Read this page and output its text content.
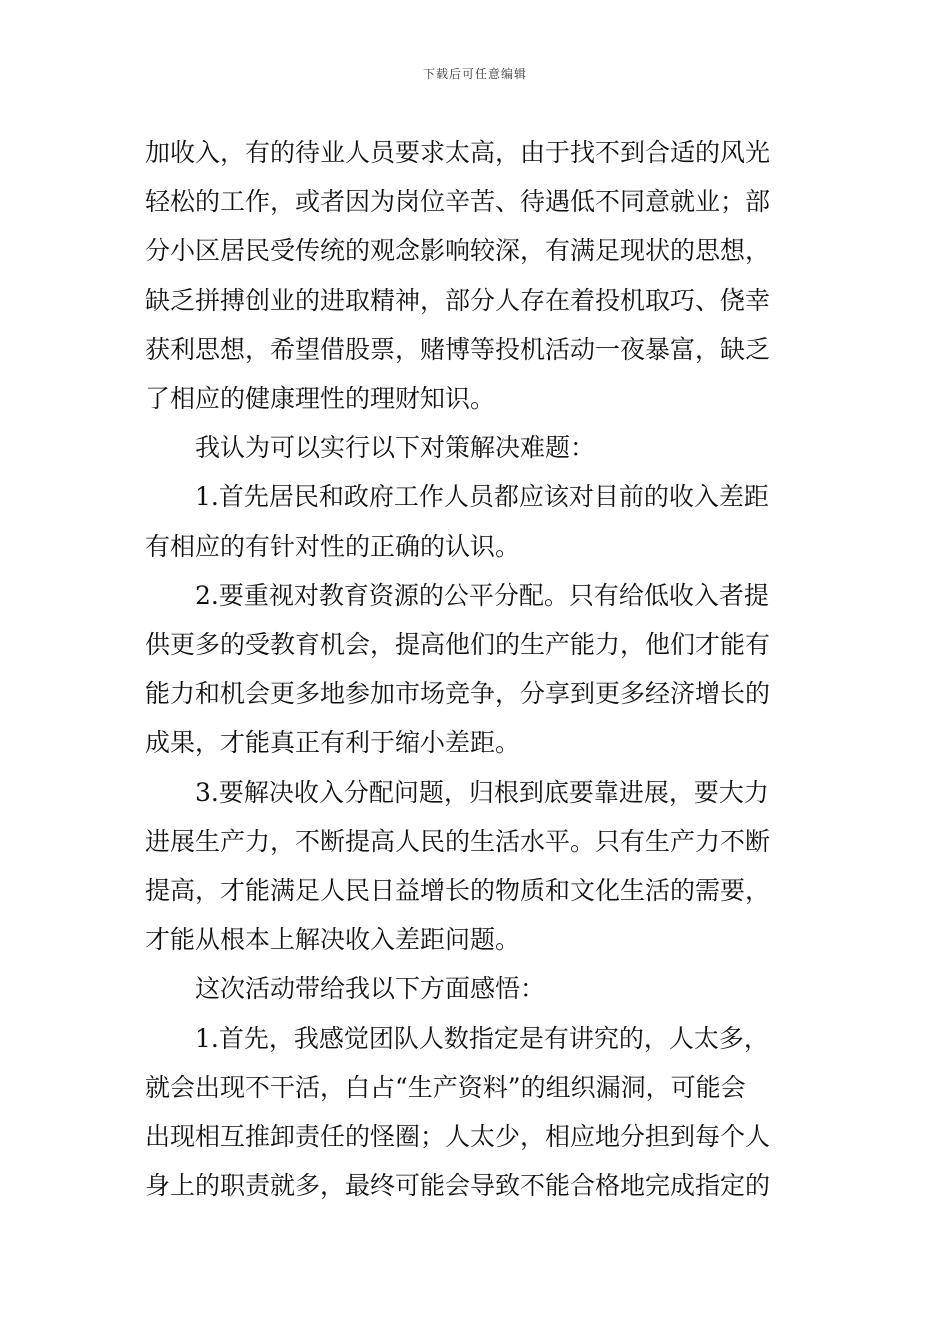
下载后可任意编辑
加收入，有的待业人员要求太高，由于找不到合适的风光
轻松的工作，或者因为岗位辛苦、待遇低不同意就业；部
分小区居民受传统的观念影响较深，有满足现状的思想，
缺乏拼搏创业的进取精神，部分人存在着投机取巧、侥幸
获利思想，希望借股票，赌博等投机活动一夜暴富，缺乏
了相应的健康理性的理财知识。
我认为可以实行以下对策解决难题：
1.首先居民和政府工作人员都应该对目前的收入差距
有相应的有针对性的正确的认识。
2.要重视对教育资源的公平分配。只有给低收入者提
供更多的受教育机会，提高他们的生产能力，他们才能有
能力和机会更多地参加市场竞争，分享到更多经济增长的
成果，才能真正有利于缩小差距。
3.要解决收入分配问题，归根到底要靠进展，要大力
进展生产力，不断提高人民的生活水平。只有生产力不断
提高，才能满足人民日益增长的物质和文化生活的需要，
才能从根本上解决收入差距问题。
这次活动带给我以下方面感悟：
1.首先，我感觉团队人数指定是有讲究的，人太多，
就会出现不干活，白占“生产资料”的组织漏洞，可能会
出现相互推卸责任的怪圈；人太少，相应地分担到每个人
身上的职责就多，最终可能会导致不能合格地完成指定的
